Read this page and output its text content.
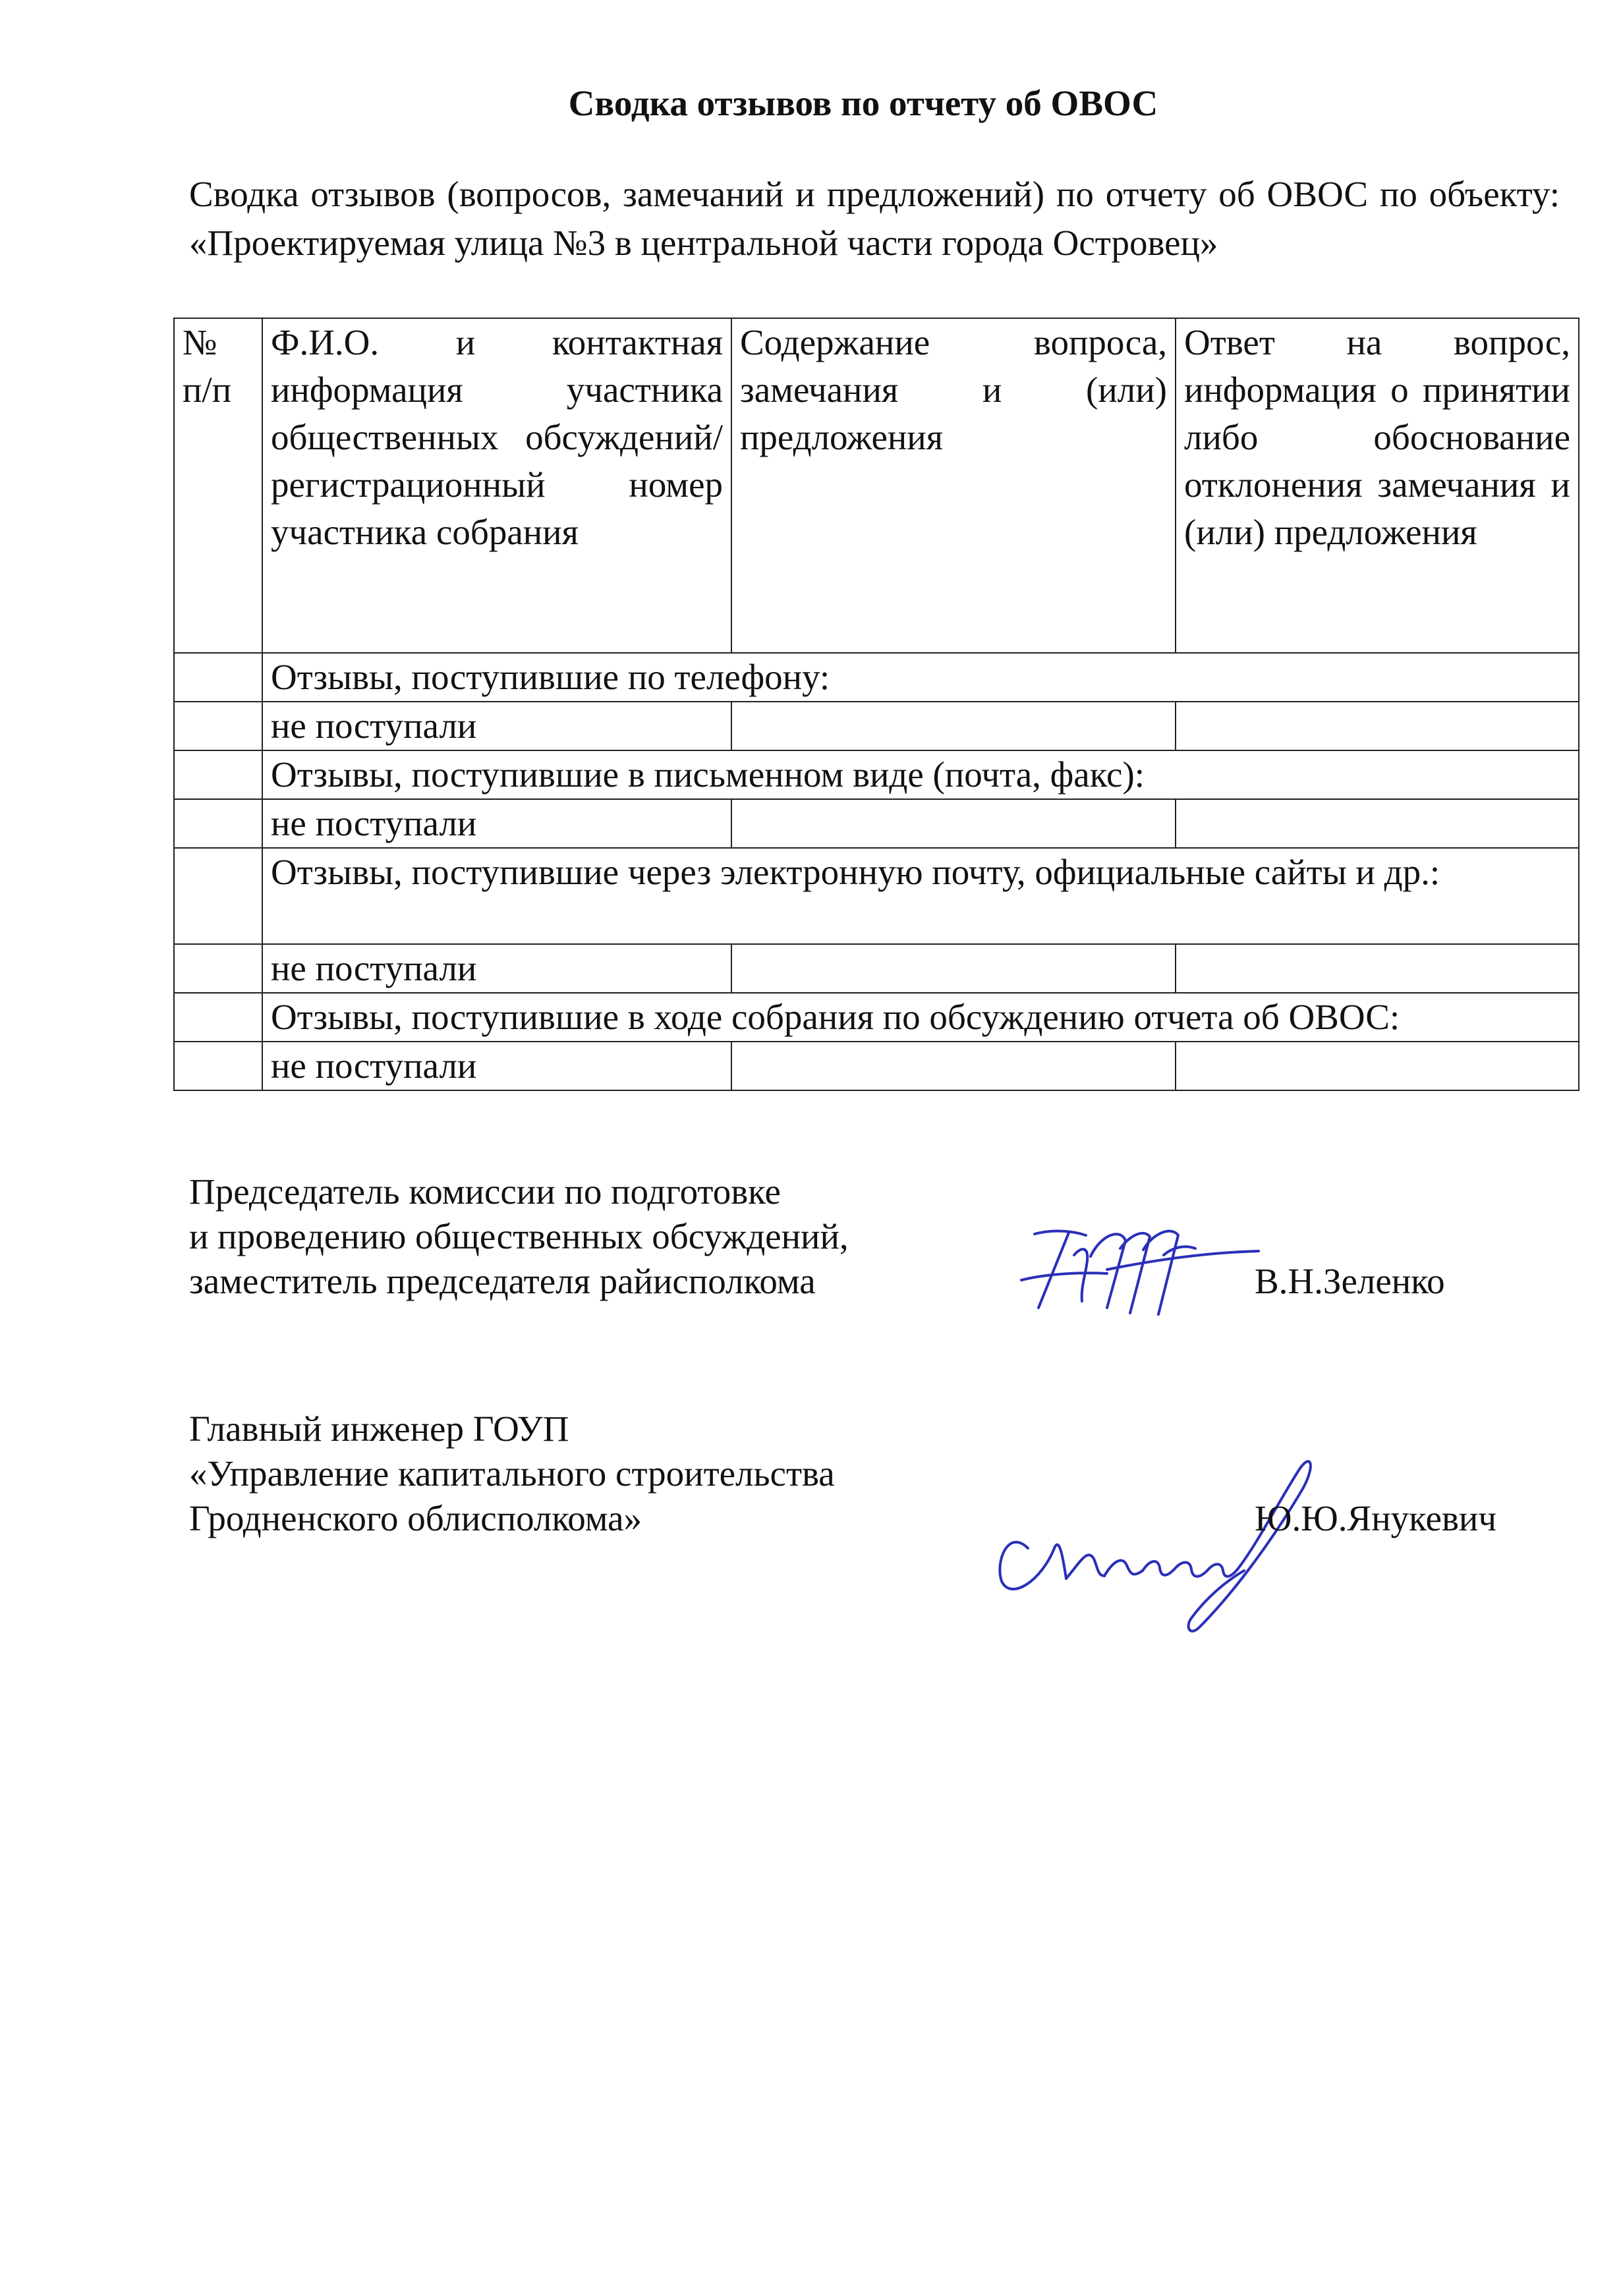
Сводка отзывов по отчету об ОВОС

Сводка отзывов (вопросов, замечаний и предложений) по отчету об ОВОС по объекту: «Проектируемая улица №3 в центральной части города Островец»

№ п/п	Ф.И.О. и контактная информация участника общественных обсуждений/регистрационный номер участника собрания	Содержание вопроса, замечания и (или) предложения	Ответ на вопрос, информация о принятии либо обоснование отклонения замечания и (или) предложения
	Отзывы, поступившие по телефону:		
	не поступали		
	Отзывы, поступившие в письменном виде (почта, факс):		
	не поступали		
	Отзывы, поступившие через электронную почту, официальные сайты и др.:		
	не поступали		
	Отзывы, поступившие в ходе собрания по обсуждению отчета об ОВОС:		
	не поступали		

Председатель комиссии по подготовке

и проведению общественных обсуждений,

заместитель председателя райисполкома	В.Н.Зеленко

Главный инженер ГОУП

«Управление капитального строительства

Гродненского облисполкома»	Ю.Ю.Янукевич
